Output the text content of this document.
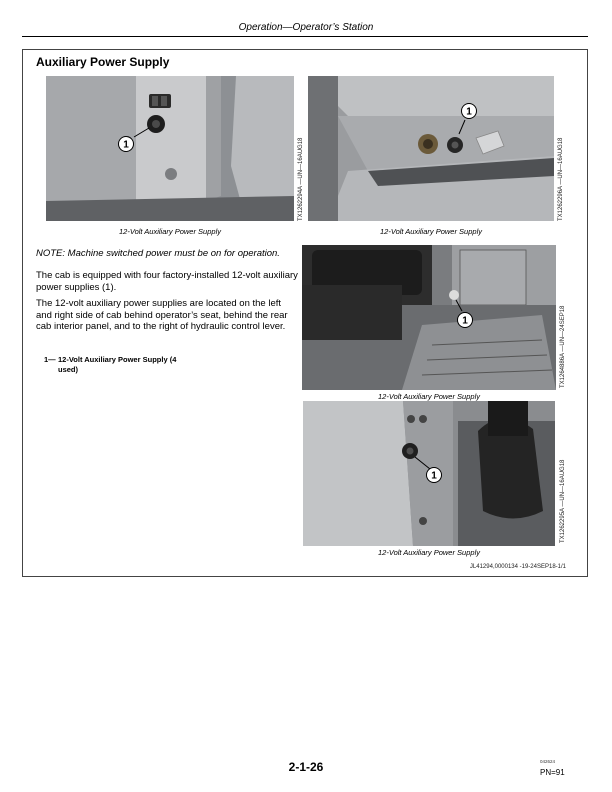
Operation—Operator’s Station
Auxiliary Power Supply
1
12-Volt Auxiliary Power Supply
TX1262294A —UN—16AUG18
1
12-Volt Auxiliary Power Supply
TX1262296A —UN—16AUG18
1
12-Volt Auxiliary Power Supply
TX1264886A —UN—24SEP18
1
12-Volt Auxiliary Power Supply
TX1262295A —UN—16AUG18
NOTE: Machine switched power must be on for operation.
The cab is equipped with four factory-installed 12-volt auxiliary power supplies (1).
The 12-volt auxiliary power supplies are located on the left and right side of cab behind operator’s seat, behind the rear cab interior panel, and to the right of hydraulic control lever.
1— 12-Volt Auxiliary Power Supply (4 used)
JL41294,0000134 -19-24SEP18-1/1
2-1-26	042624
PN=91
